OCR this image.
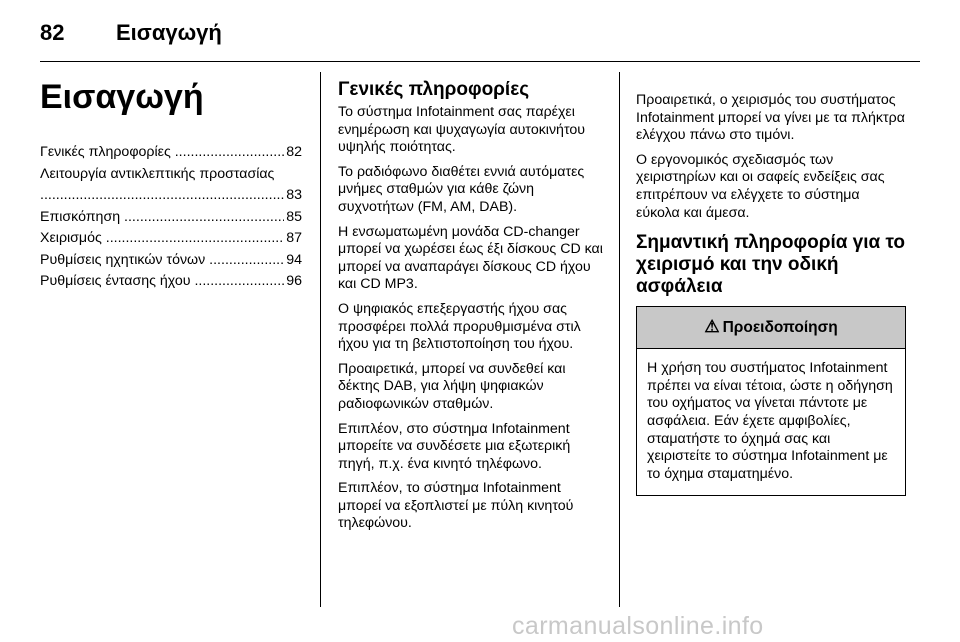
82 Εισαγωγή
Εισαγωγή
Γενικές πληροφορίες .....	82
Λειτουργία αντικλεπτικής προστασίας .....
83
Επισκόπηση .....	85
Χειρισμός .....	87
Ρυθμίσεις ηχητικών τόνων .....	94
Ρυθμίσεις έντασης ήχου .....	96
Γενικές πληροφορίες

Το σύστημα Infotainment σας παρέχει ενημέρωση και ψυχαγωγία αυτοκινήτου υψηλής ποιότητας.

Το ραδιόφωνο διαθέτει εννιά αυτόματες μνήμες σταθμών για κάθε ζώνη συχνοτήτων (FM, AM, DAB).

Η ενσωματωμένη μονάδα CD-changer μπορεί να χωρέσει έως έξι δίσκους CD και μπορεί να αναπαράγει δίσκους CD ήχου και CD MP3.

Ο ψηφιακός επεξεργαστής ήχου σας προσφέρει πολλά προρυθμισμένα στιλ ήχου για τη βελτιστοποίηση του ήχου.

Προαιρετικά, μπορεί να συνδεθεί και δέκτης DAB, για λήψη ψηφιακών ραδιοφωνικών σταθμών.

Επιπλέον, στο σύστημα Infotainment μπορείτε να συνδέσετε μια εξωτερική πηγή, π.χ. ένα κινητό τηλέφωνο.

Επιπλέον, το σύστημα Infotainment μπορεί να εξοπλιστεί με πύλη κινητού τηλεφώνου.

Προαιρετικά, ο χειρισμός του συστήματος Infotainment μπορεί να γίνει με τα πλήκτρα ελέγχου πάνω στο τιμόνι.

Ο εργονομικός σχεδιασμός των χειριστηρίων και οι σαφείς ενδείξεις σας επιτρέπουν να ελέγχετε το σύστημα εύκολα και άμεσα.

Σημαντική πληροφορία για το χειρισμό και την οδική ασφάλεια
⚠ Προειδοποίηση

Η χρήση του συστήματος Infotainment πρέπει να είναι τέτοια, ώστε η οδήγηση του οχήματος να γίνεται πάντοτε με ασφάλεια. Εάν έχετε αμφιβολίες, σταματήστε το όχημά σας και χειριστείτε το σύστημα Infotainment με το όχημα σταματημένο.

carmanualsonline.info
